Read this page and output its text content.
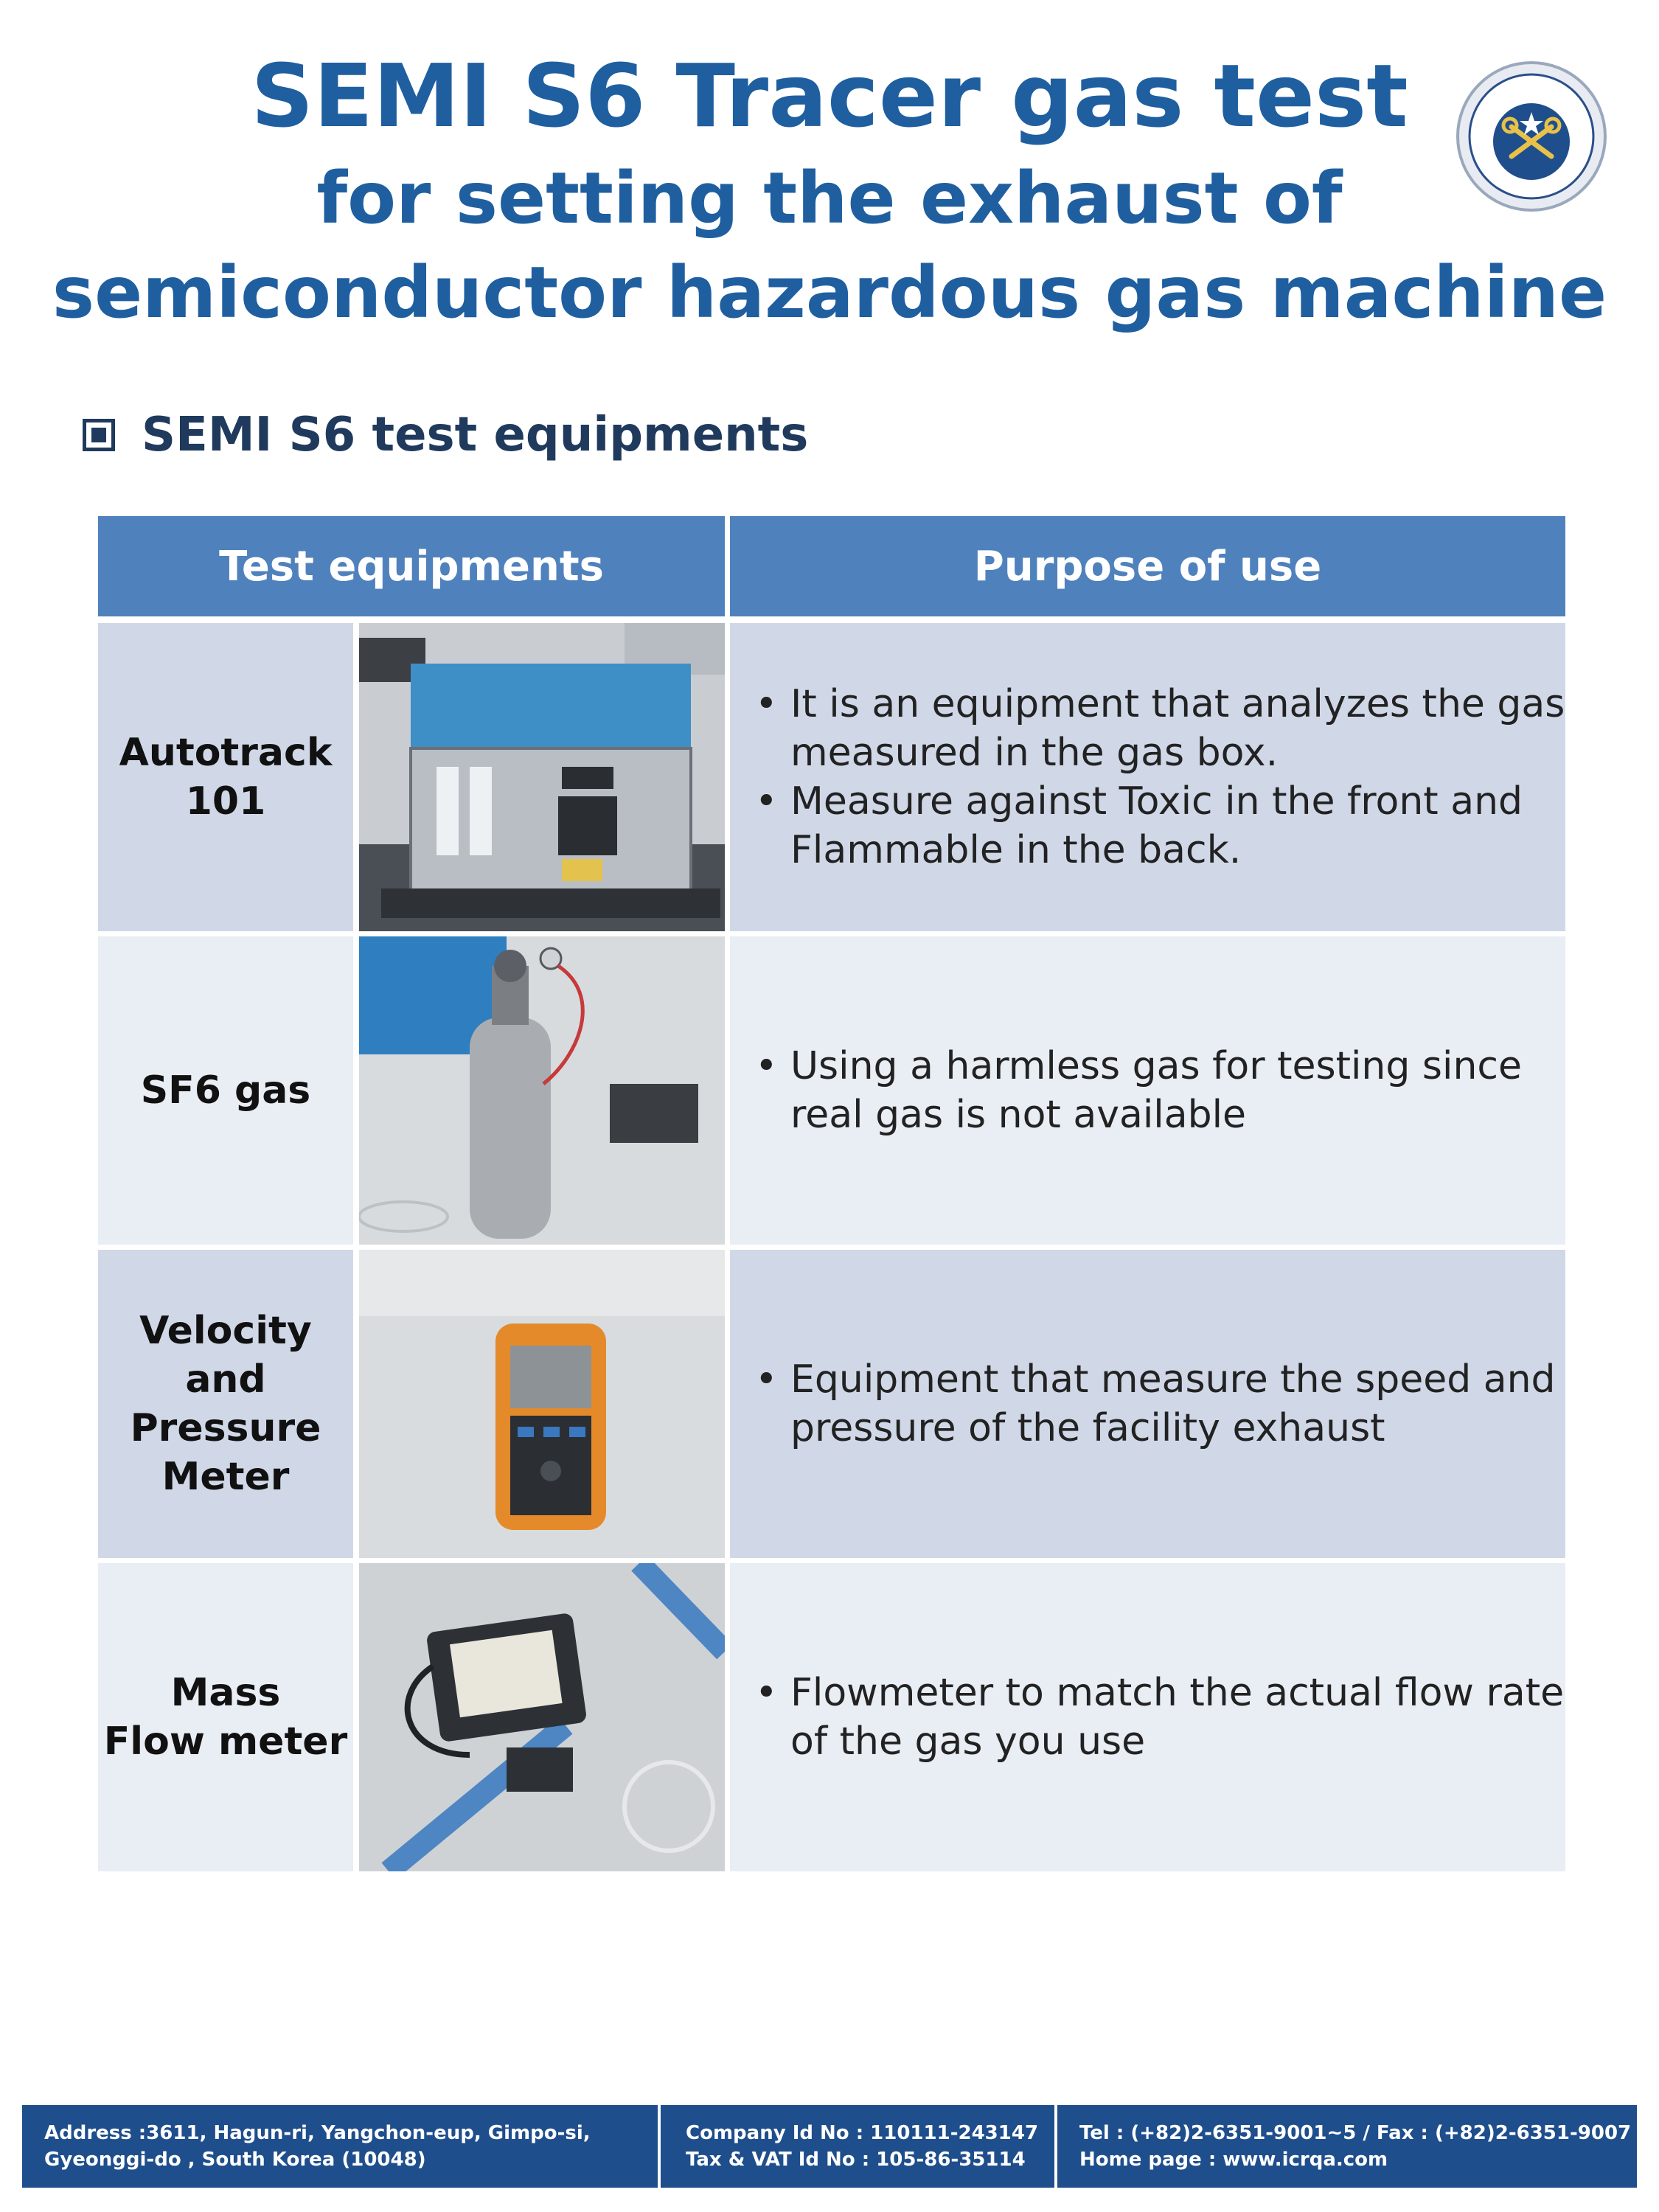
SEMI S6 Tracer gas test
for setting the exhaust of
semiconductor hazardous gas machine
SEMI S6 test equipments
Test equipments	Purpose of use
Autotrack
101
• It is an equipment that analyzes the gas
measured in the gas box.
• Measure against Toxic in the front and
Flammable in the back.
SF6 gas
• Using a harmless gas for testing since
real gas is not available
Velocity
and
Pressure
Meter
• Equipment that measure the speed and
pressure of the facility exhaust
Mass
Flow meter
• Flowmeter to match the actual flow rate
of the gas you use
Address :3611, Hagun-ri, Yangchon-eup, Gimpo-si,
Gyeonggi-do , South Korea (10048)
Company Id No : 110111-243147
Tax & VAT Id No : 105-86-35114
Tel : (+82)2-6351-9001~5 / Fax : (+82)2-6351-9007
Home page : www.icrqa.com
